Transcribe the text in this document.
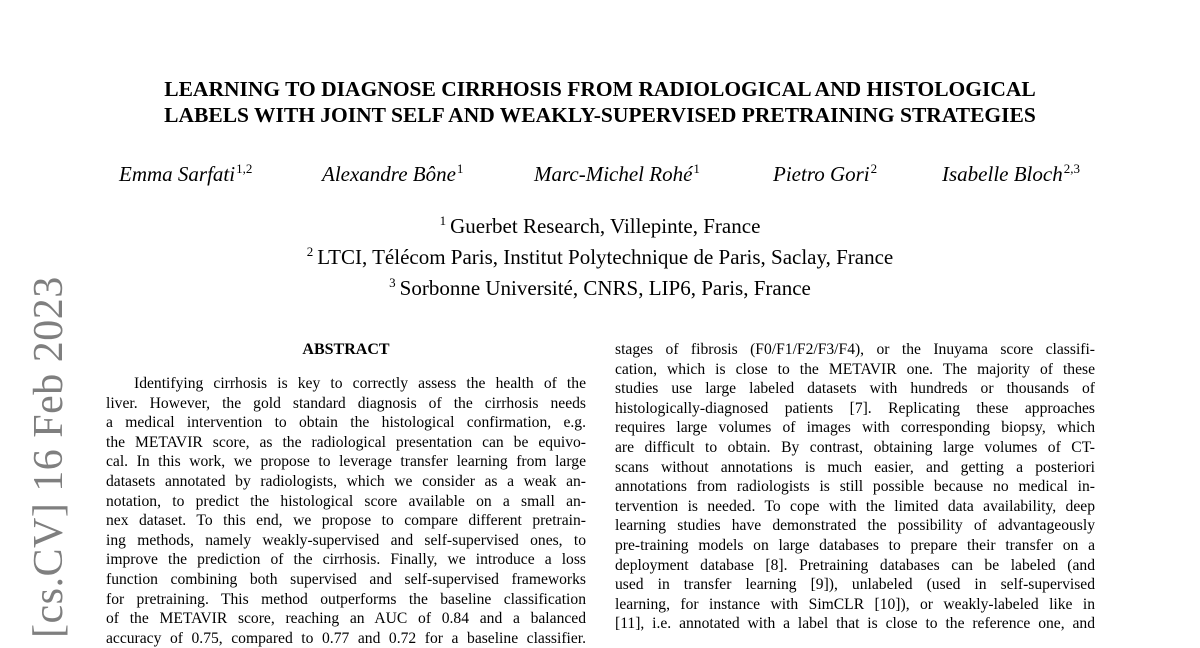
[cs.CV] 16 Feb 2023
LEARNING TO DIAGNOSE CIRRHOSIS FROM RADIOLOGICAL AND HISTOLOGICAL
LABELS WITH JOINT SELF AND WEAKLY-SUPERVISED PRETRAINING STRATEGIES
Emma Sarfati$^{1,2}$	Alexandre Bône$^1$	Marc-Michel Rohé$^1$	Pietro Gori$^2$	Isabelle Bloch$^{2,3}$
$^1$ Guerbet Research, Villepinte, France
$^2$ LTCI, Télécom Paris, Institut Polytechnique de Paris, Saclay, France
$^3$ Sorbonne Université, CNRS, LIP6, Paris, France
ABSTRACT
Identifying cirrhosis is key to correctly assess the health of the
liver. However, the gold standard diagnosis of the cirrhosis needs
a medical intervention to obtain the histological confirmation, e.g.
the METAVIR score, as the radiological presentation can be equivo-
cal. In this work, we propose to leverage transfer learning from large
datasets annotated by radiologists, which we consider as a weak an-
notation, to predict the histological score available on a small an-
nex dataset. To this end, we propose to compare different pretrain-
ing methods, namely weakly-supervised and self-supervised ones, to
improve the prediction of the cirrhosis. Finally, we introduce a loss
function combining both supervised and self-supervised frameworks
for pretraining. This method outperforms the baseline classification
of the METAVIR score, reaching an AUC of 0.84 and a balanced
accuracy of 0.75, compared to 0.77 and 0.72 for a baseline classifier.
stages of fibrosis (F0/F1/F2/F3/F4), or the Inuyama score classifi-
cation, which is close to the METAVIR one. The majority of these
studies use large labeled datasets with hundreds or thousands of
histologically-diagnosed patients [7]. Replicating these approaches
requires large volumes of images with corresponding biopsy, which
are difficult to obtain. By contrast, obtaining large volumes of CT-
scans without annotations is much easier, and getting a posteriori
annotations from radiologists is still possible because no medical in-
tervention is needed. To cope with the limited data availability, deep
learning studies have demonstrated the possibility of advantageously
pre-training models on large databases to prepare their transfer on a
deployment database [8]. Pretraining databases can be labeled (and
used in transfer learning [9]), unlabeled (used in self-supervised
learning, for instance with SimCLR [10]), or weakly-labeled like in
[11], i.e. annotated with a label that is close to the reference one, and
